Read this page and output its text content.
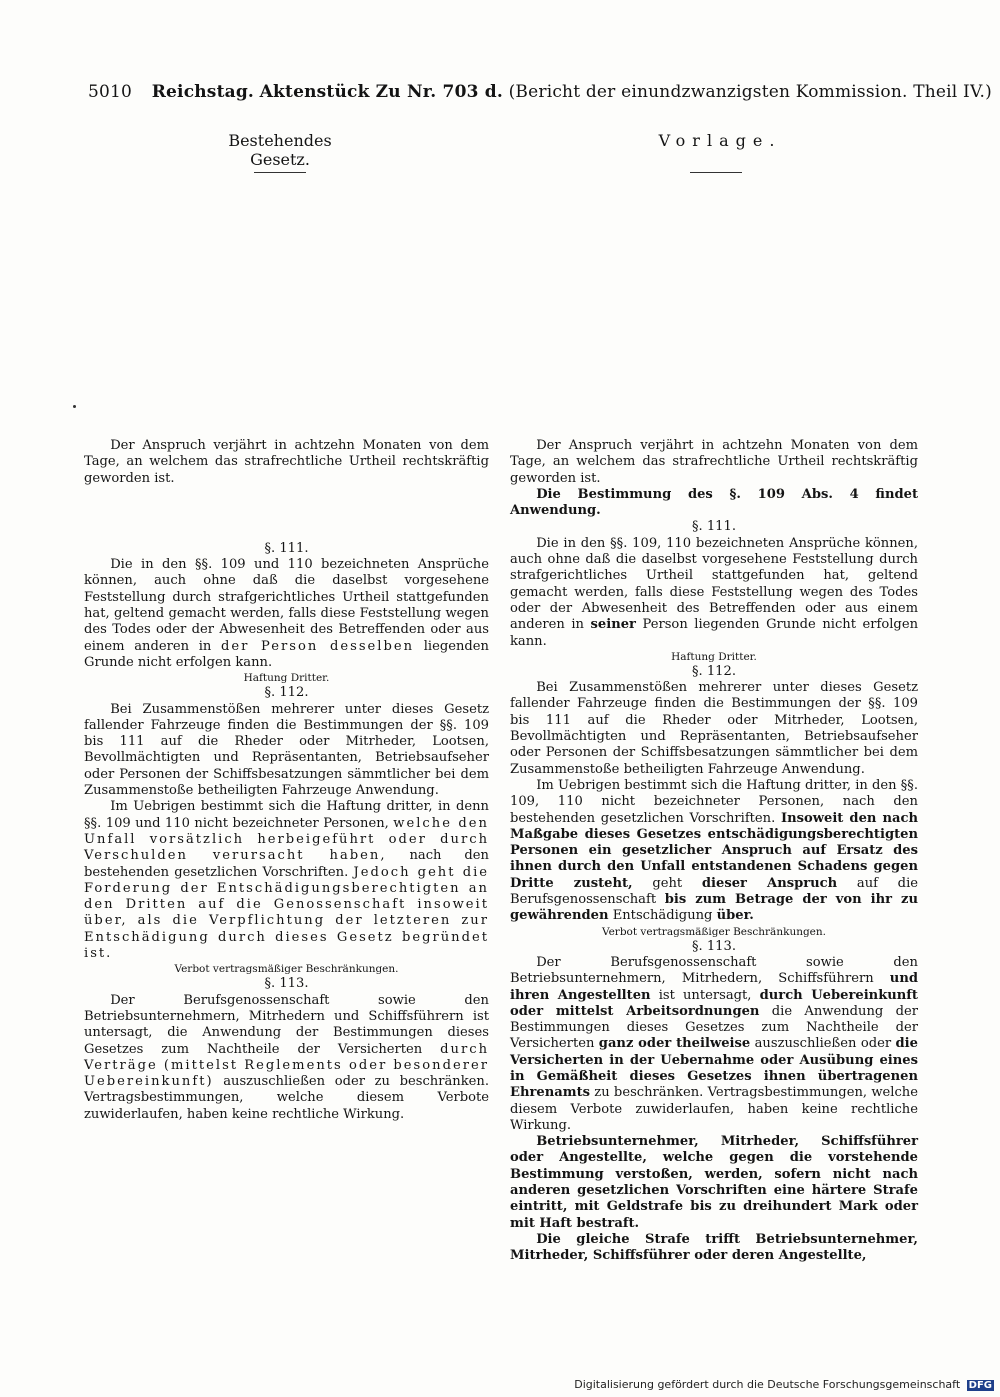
5010 Reichstag. Aktenstück Zu Nr. 703 d. (Bericht der einundzwanzigsten Kommission. Theil IV.)
Bestehendes Gesetz.
Vorlage.

Der Anspruch verjährt in achtzehn Monaten von dem Tage, an welchem das strafrechtliche Urtheil rechtskräftig geworden ist.

§. 111.

Die in den §§. 109 und 110 bezeichneten Ansprüche können, auch ohne daß die daselbst vorgesehene Feststellung durch strafgerichtliches Urtheil stattgefunden hat, geltend gemacht werden, falls diese Feststellung wegen des Todes oder der Abwesenheit des Betreffenden oder aus einem anderen in der Person desselben liegenden Grunde nicht erfolgen kann.

Haftung Dritter.
§. 112.

Bei Zusammenstößen mehrerer unter dieses Gesetz fallender Fahrzeuge finden die Bestimmungen der §§. 109 bis 111 auf die Rheder oder Mitrheder, Lootsen, Bevollmächtigten und Repräsentanten, Betriebsaufseher oder Personen der Schiffsbesatzungen sämmtlicher bei dem Zusammenstoße betheiligten Fahrzeuge Anwendung.

Im Uebrigen bestimmt sich die Haftung dritter, in denn §§. 109 und 110 nicht bezeichneter Personen, welche den Unfall vorsätzlich herbeigeführt oder durch Verschulden verursacht haben, nach den bestehenden gesetzlichen Vorschriften. Jedoch geht die Forderung der Entschädigungsberechtigten an den Dritten auf die Genossenschaft insoweit über, als die Verpflichtung der letzteren zur Entschädigung durch dieses Gesetz begründet ist.

Verbot vertragsmäßiger Beschränkungen.
§. 113.

Der Berufsgenossenschaft sowie den Betriebsunternehmern, Mitrhedern und Schiffsführern ist untersagt, die Anwendung der Bestimmungen dieses Gesetzes zum Nachtheile der Versicherten durch Verträge (mittelst Reglements oder besonderer Uebereinkunft) auszuschließen oder zu beschränken. Vertragsbestimmungen, welche diesem Verbote zuwiderlaufen, haben keine rechtliche Wirkung.

Der Anspruch verjährt in achtzehn Monaten von dem Tage, an welchem das strafrechtliche Urtheil rechtskräftig geworden ist.

Die Bestimmung des §. 109 Abs. 4 findet Anwendung.

§. 111.

Die in den §§. 109, 110 bezeichneten Ansprüche können, auch ohne daß die daselbst vorgesehene Feststellung durch strafgerichtliches Urtheil stattgefunden hat, geltend gemacht werden, falls diese Feststellung wegen des Todes oder der Abwesenheit des Betreffenden oder aus einem anderen in seiner Person liegenden Grunde nicht erfolgen kann.

Haftung Dritter.
§. 112.

Bei Zusammenstößen mehrerer unter dieses Gesetz fallender Fahrzeuge finden die Bestimmungen der §§. 109 bis 111 auf die Rheder oder Mitrheder, Lootsen, Bevollmächtigten und Repräsentanten, Betriebsaufseher oder Personen der Schiffsbesatzungen sämmtlicher bei dem Zusammenstoße betheiligten Fahrzeuge Anwendung.

Im Uebrigen bestimmt sich die Haftung dritter, in den §§. 109, 110 nicht bezeichneter Personen, nach den bestehenden gesetzlichen Vorschriften. Insoweit den nach Maßgabe dieses Gesetzes entschädigungsberechtigten Personen ein gesetzlicher Anspruch auf Ersatz des ihnen durch den Unfall entstandenen Schadens gegen Dritte zusteht, geht dieser Anspruch auf die Berufsgenossenschaft bis zum Betrage der von ihr zu gewährenden Entschädigung über.

Verbot vertragsmäßiger Beschränkungen.
§. 113.

Der Berufsgenossenschaft sowie den Betriebsunternehmern, Mitrhedern, Schiffsführern und ihren Angestellten ist untersagt, durch Uebereinkunft oder mittelst Arbeitsordnungen die Anwendung der Bestimmungen dieses Gesetzes zum Nachtheile der Versicherten ganz oder theilweise auszuschließen oder die Versicherten in der Uebernahme oder Ausübung eines in Gemäßheit dieses Gesetzes ihnen übertragenen Ehrenamts zu beschränken. Vertragsbestimmungen, welche diesem Verbote zuwiderlaufen, haben keine rechtliche Wirkung.

Betriebsunternehmer, Mitrheder, Schiffsführer oder Angestellte, welche gegen die vorstehende Bestimmung verstoßen, werden, sofern nicht nach anderen gesetzlichen Vorschriften eine härtere Strafe eintritt, mit Geldstrafe bis zu dreihundert Mark oder mit Haft bestraft.

Die gleiche Strafe trifft Betriebsunternehmer, Mitrheder, Schiffsführer oder deren Angestellte,

Digitalisierung gefördert durch die Deutsche Forschungsgemeinschaft DFG
